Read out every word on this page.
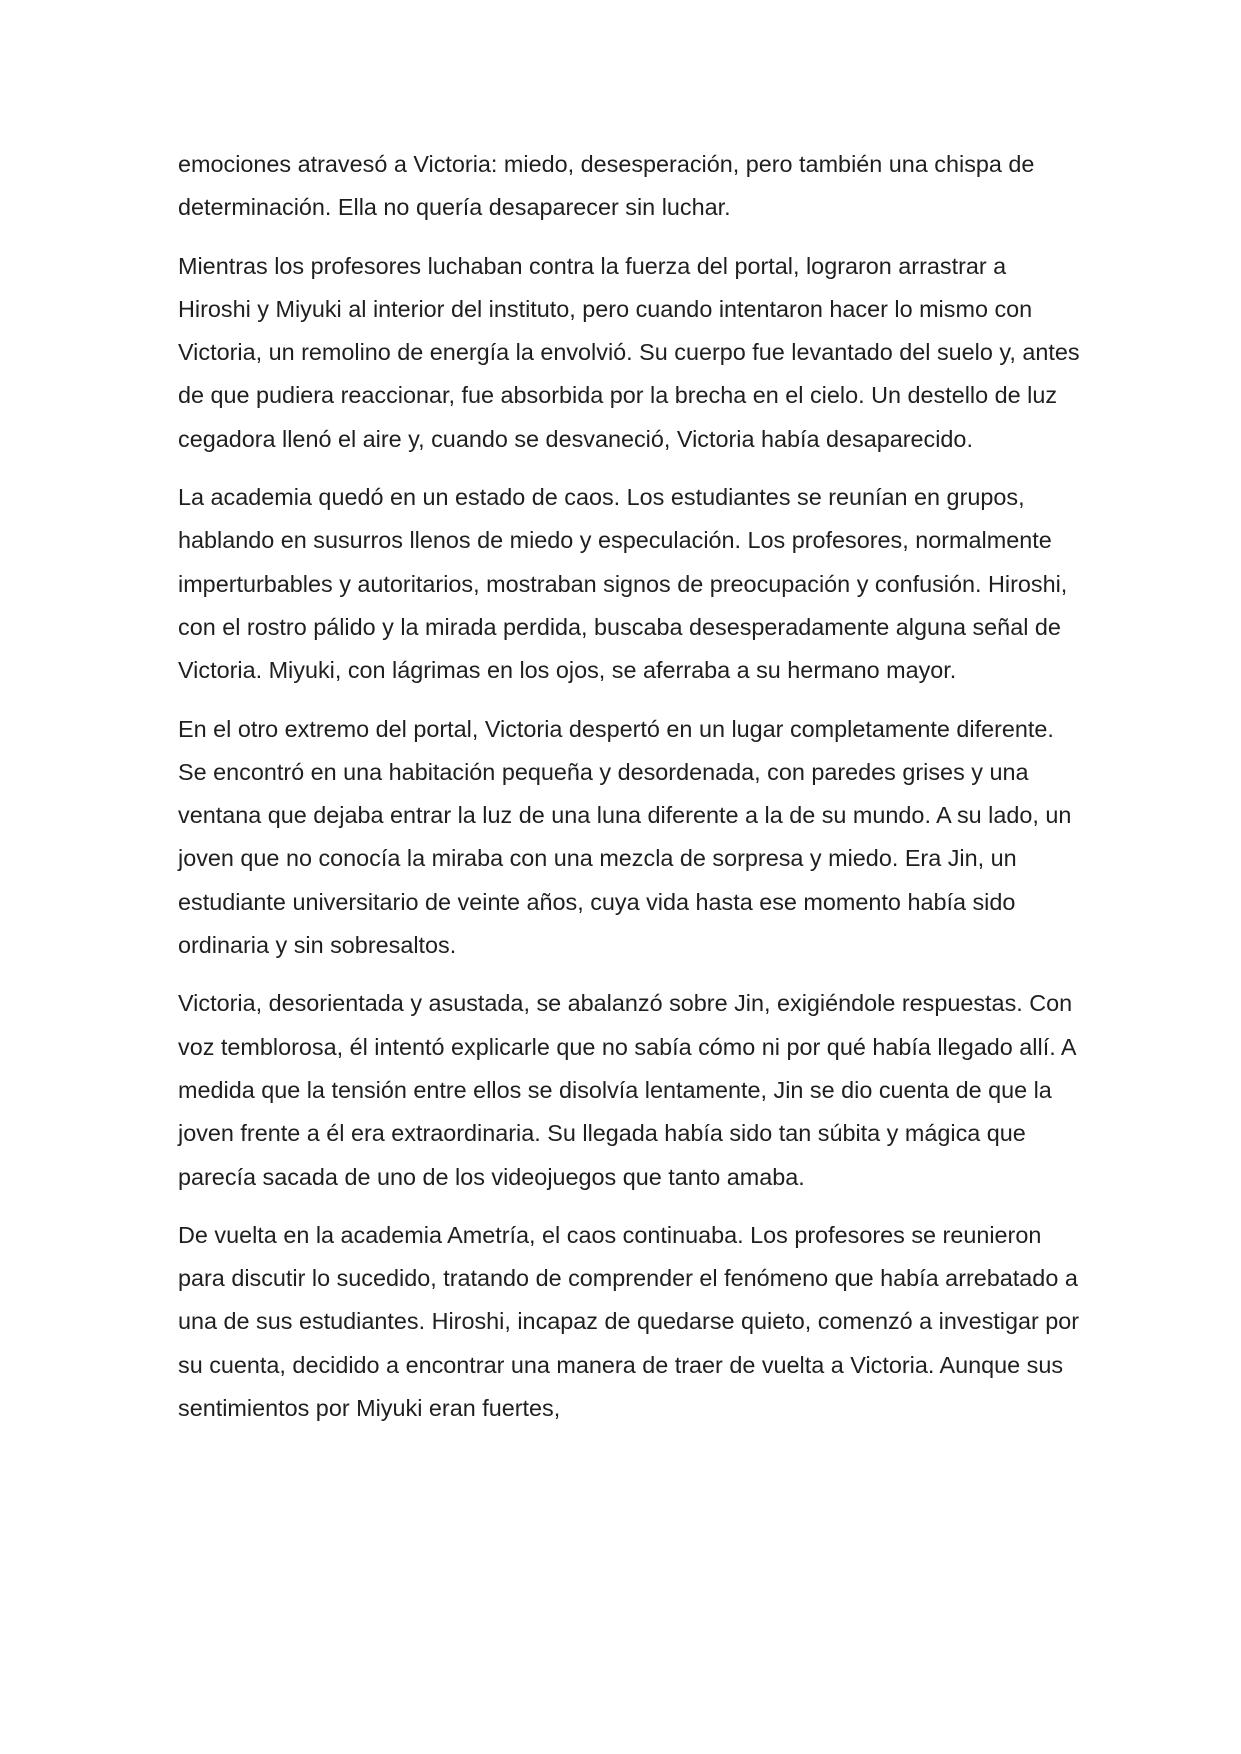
emociones atravesó a Victoria: miedo, desesperación, pero también una chispa de determinación. Ella no quería desaparecer sin luchar.

Mientras los profesores luchaban contra la fuerza del portal, lograron arrastrar a Hiroshi y Miyuki al interior del instituto, pero cuando intentaron hacer lo mismo con Victoria, un remolino de energía la envolvió. Su cuerpo fue levantado del suelo y, antes de que pudiera reaccionar, fue absorbida por la brecha en el cielo. Un destello de luz cegadora llenó el aire y, cuando se desvaneció, Victoria había desaparecido.

La academia quedó en un estado de caos. Los estudiantes se reunían en grupos, hablando en susurros llenos de miedo y especulación. Los profesores, normalmente imperturbables y autoritarios, mostraban signos de preocupación y confusión. Hiroshi, con el rostro pálido y la mirada perdida, buscaba desesperadamente alguna señal de Victoria. Miyuki, con lágrimas en los ojos, se aferraba a su hermano mayor.

En el otro extremo del portal, Victoria despertó en un lugar completamente diferente. Se encontró en una habitación pequeña y desordenada, con paredes grises y una ventana que dejaba entrar la luz de una luna diferente a la de su mundo. A su lado, un joven que no conocía la miraba con una mezcla de sorpresa y miedo. Era Jin, un estudiante universitario de veinte años, cuya vida hasta ese momento había sido ordinaria y sin sobresaltos.

Victoria, desorientada y asustada, se abalanzó sobre Jin, exigiéndole respuestas. Con voz temblorosa, él intentó explicarle que no sabía cómo ni por qué había llegado allí. A medida que la tensión entre ellos se disolvía lentamente, Jin se dio cuenta de que la joven frente a él era extraordinaria. Su llegada había sido tan súbita y mágica que parecía sacada de uno de los videojuegos que tanto amaba.

De vuelta en la academia Ametría, el caos continuaba. Los profesores se reunieron para discutir lo sucedido, tratando de comprender el fenómeno que había arrebatado a una de sus estudiantes. Hiroshi, incapaz de quedarse quieto, comenzó a investigar por su cuenta, decidido a encontrar una manera de traer de vuelta a Victoria. Aunque sus sentimientos por Miyuki eran fuertes,
